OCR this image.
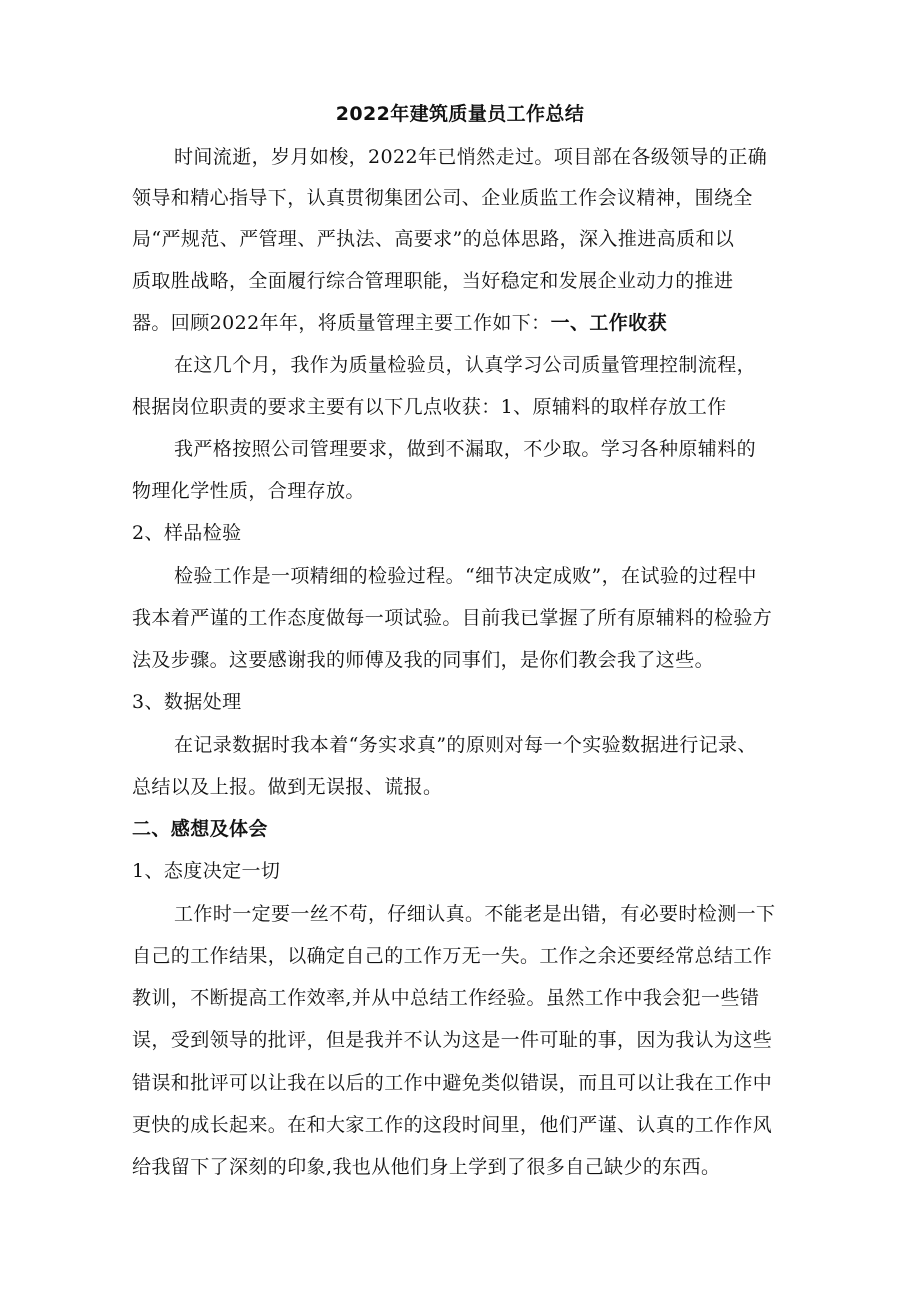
2022年建筑质量员工作总结
时间流逝，岁月如梭，2022年已悄然走过。项目部在各级领导的正确
领导和精心指导下，认真贯彻集团公司、企业质监工作会议精神，围绕全
局“严规范、严管理、严执法、高要求”的总体思路，深入推进高质和以
质取胜战略，全面履行综合管理职能，当好稳定和发展企业动力的推进
器。回顾2022年年，将质量管理主要工作如下：一、工作收获
在这几个月，我作为质量检验员，认真学习公司质量管理控制流程，
根据岗位职责的要求主要有以下几点收获：1、原辅料的取样存放工作
我严格按照公司管理要求，做到不漏取，不少取。学习各种原辅料的
物理化学性质，合理存放。
2、样品检验
检验工作是一项精细的检验过程。“细节决定成败”，在试验的过程中
我本着严谨的工作态度做每一项试验。目前我已掌握了所有原辅料的检验方
法及步骤。这要感谢我的师傅及我的同事们，是你们教会我了这些。
3、数据处理
在记录数据时我本着“务实求真”的原则对每一个实验数据进行记录、
总结以及上报。做到无误报、谎报。
二、感想及体会
1、态度决定一切
工作时一定要一丝不苟，仔细认真。不能老是出错，有必要时检测一下
自己的工作结果，以确定自己的工作万无一失。工作之余还要经常总结工作
教训，不断提高工作效率,并从中总结工作经验。虽然工作中我会犯一些错
误，受到领导的批评，但是我并不认为这是一件可耻的事，因为我认为这些
错误和批评可以让我在以后的工作中避免类似错误，而且可以让我在工作中
更快的成长起来。在和大家工作的这段时间里，他们严谨、认真的工作作风
给我留下了深刻的印象,我也从他们身上学到了很多自己缺少的东西。
